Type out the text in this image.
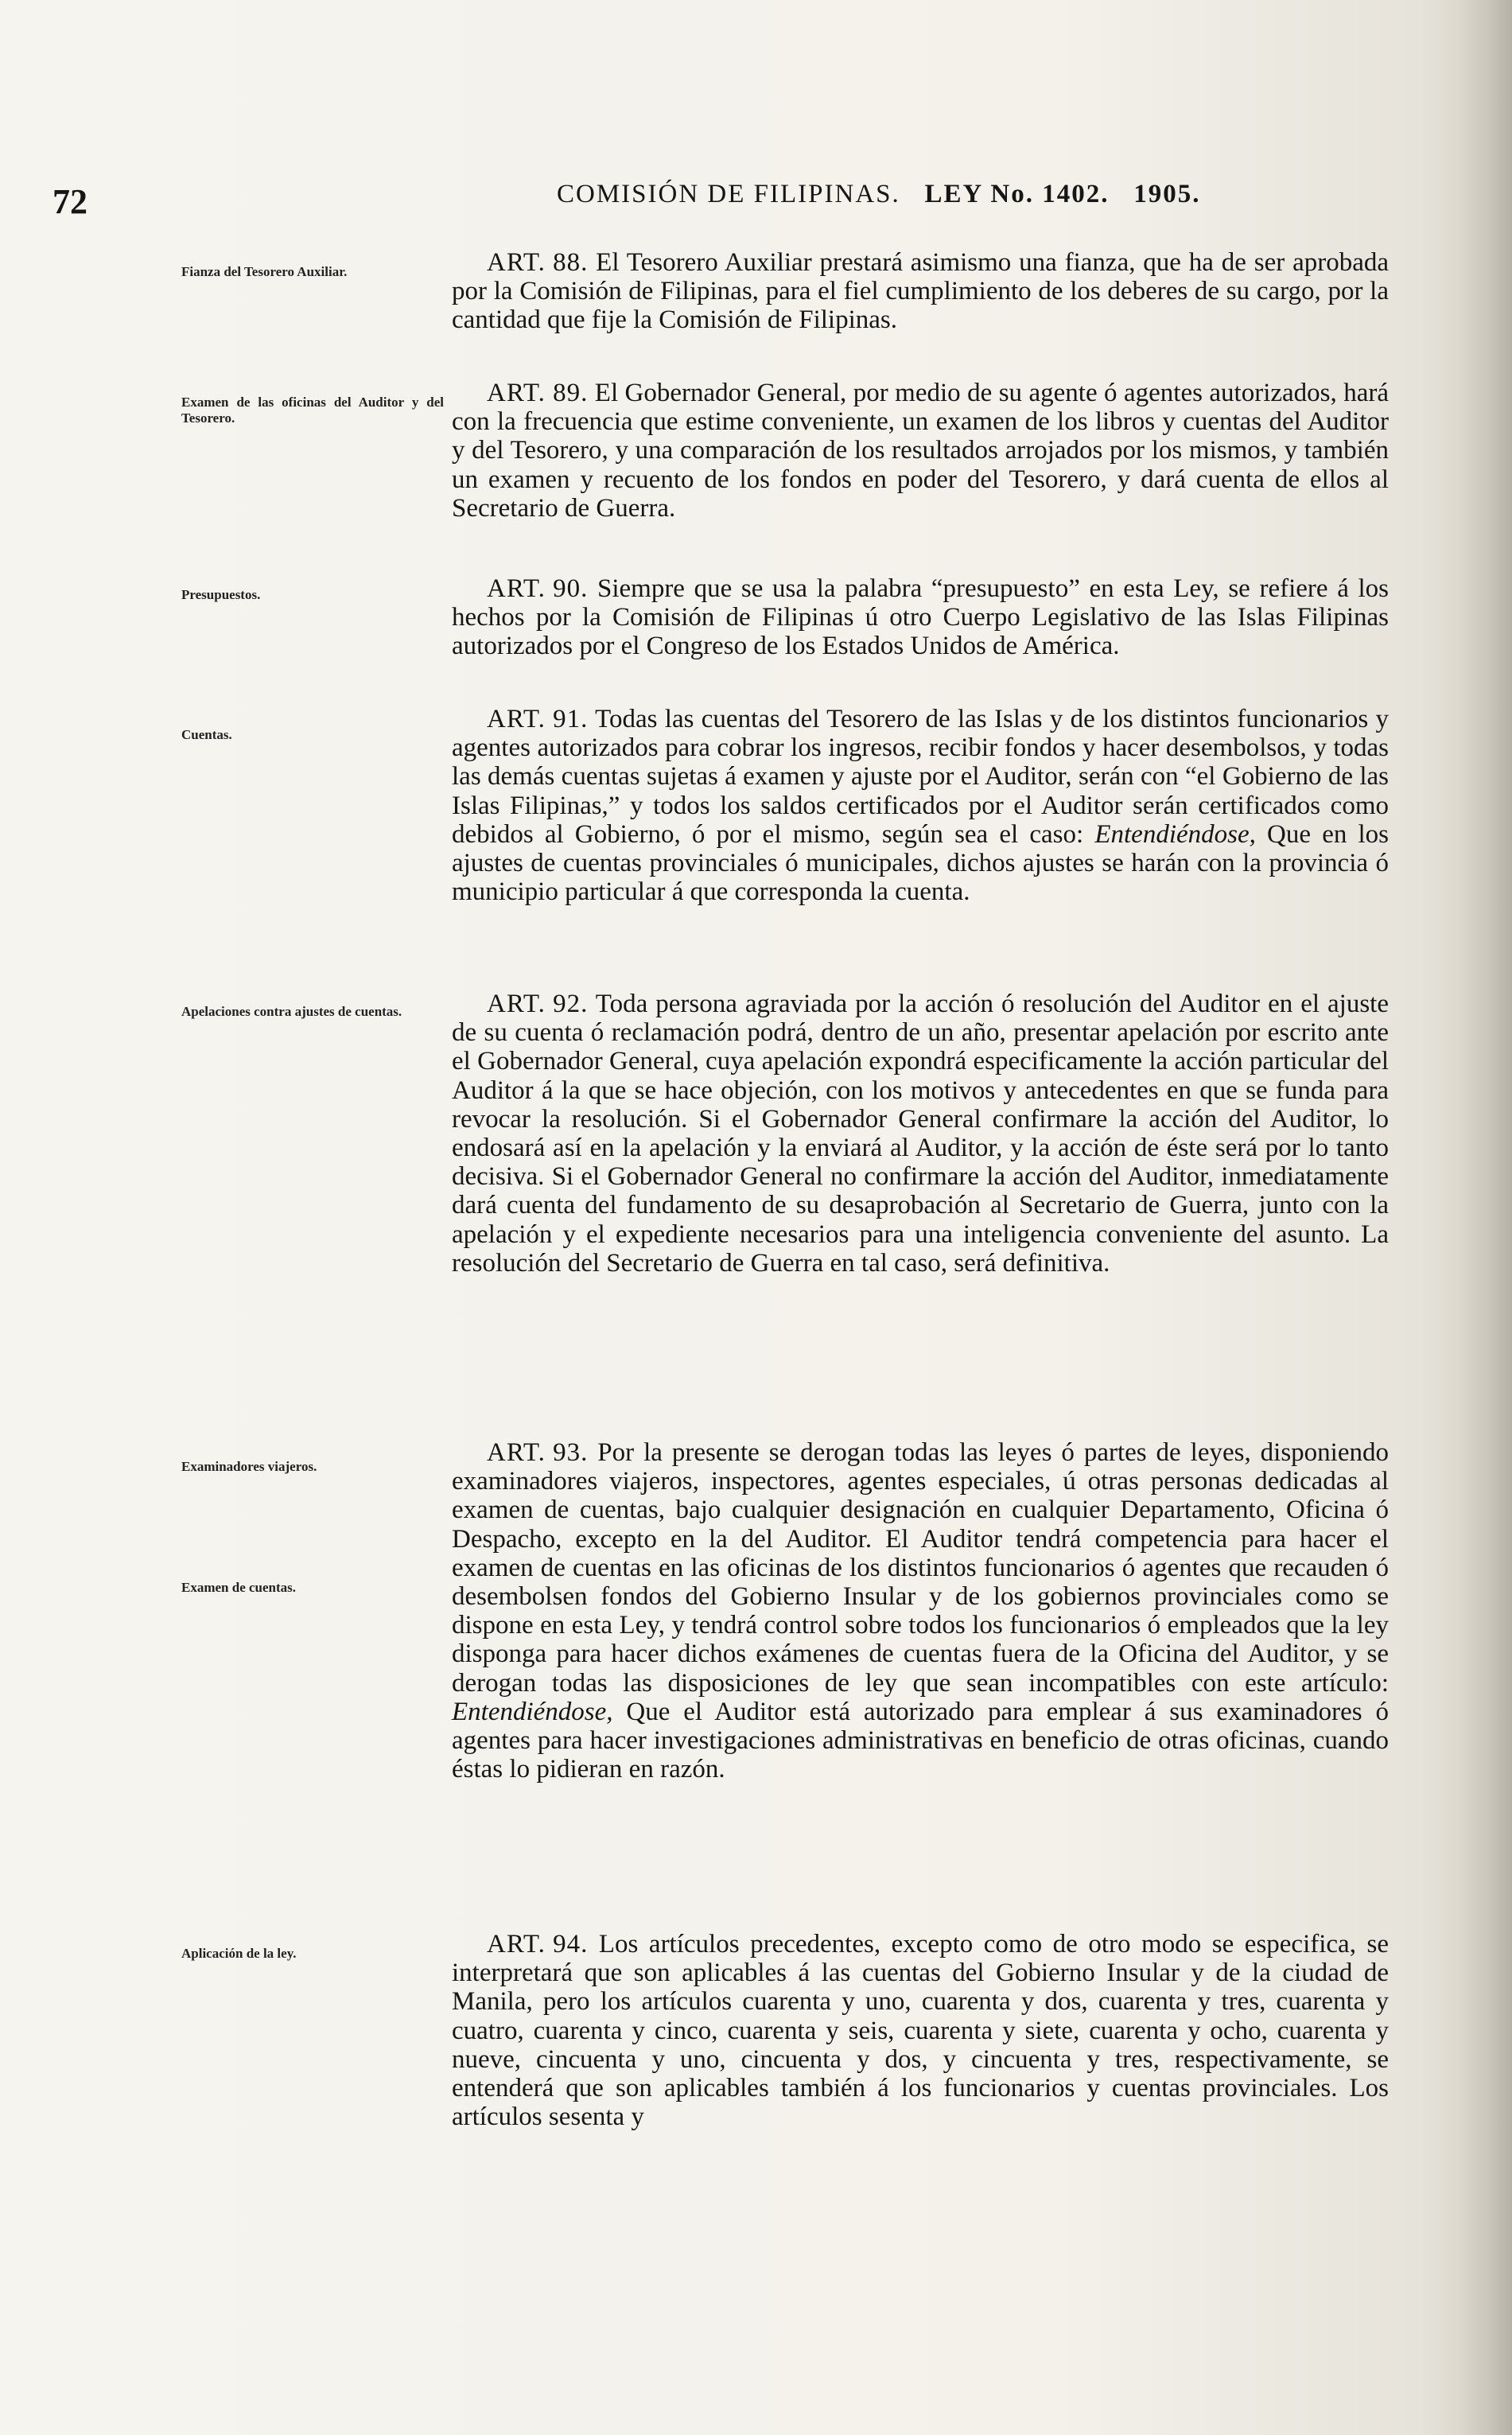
72	COMISIÓN DE FILIPINAS. LEY No. 1402. 1905.
Fianza del Tesorero Auxiliar.
Examen de las oficinas del Auditor y del Tesorero.
Presupuestos.
Cuentas.
Apelaciones contra ajustes de cuentas.
Examinadores viajeros.
Examen de cuentas.
Aplicación de la ley.
ART. 88. El Tesorero Auxiliar prestará asimismo una fianza, que ha de ser aprobada por la Comisión de Filipinas, para el fiel cumplimiento de los deberes de su cargo, por la cantidad que fije la Comisión de Filipinas.
ART. 89. El Gobernador General, por medio de su agente ó agentes autorizados, hará con la frecuencia que estime conveniente, un examen de los libros y cuentas del Auditor y del Tesorero, y una comparación de los resultados arrojados por los mismos, y también un examen y recuento de los fondos en poder del Tesorero, y dará cuenta de ellos al Secretario de Guerra.
ART. 90. Siempre que se usa la palabra “presupuesto” en esta Ley, se refiere á los hechos por la Comisión de Filipinas ú otro Cuerpo Legislativo de las Islas Filipinas autorizados por el Congreso de los Estados Unidos de América.
ART. 91. Todas las cuentas del Tesorero de las Islas y de los distintos funcionarios y agentes autorizados para cobrar los ingresos, recibir fondos y hacer desembolsos, y todas las demás cuentas sujetas á examen y ajuste por el Auditor, serán con “el Gobierno de las Islas Filipinas,” y todos los saldos certificados por el Auditor serán certificados como debidos al Gobierno, ó por el mismo, según sea el caso: Entendiéndose, Que en los ajustes de cuentas provinciales ó municipales, dichos ajustes se harán con la provincia ó municipio particular á que corresponda la cuenta.
ART. 92. Toda persona agraviada por la acción ó resolución del Auditor en el ajuste de su cuenta ó reclamación podrá, dentro de un año, presentar apelación por escrito ante el Gobernador General, cuya apelación expondrá especificamente la acción particular del Auditor á la que se hace objeción, con los motivos y antecedentes en que se funda para revocar la resolución. Si el Gobernador General confirmare la acción del Auditor, lo endosará así en la apelación y la enviará al Auditor, y la acción de éste será por lo tanto decisiva. Si el Gobernador General no confirmare la acción del Auditor, inmediatamente dará cuenta del fundamento de su desaprobación al Secretario de Guerra, junto con la apelación y el expediente necesarios para una inteligencia conveniente del asunto. La resolución del Secretario de Guerra en tal caso, será definitiva.
ART. 93. Por la presente se derogan todas las leyes ó partes de leyes, disponiendo examinadores viajeros, inspectores, agentes especiales, ú otras personas dedicadas al examen de cuentas, bajo cualquier designación en cualquier Departamento, Oficina ó Despacho, excepto en la del Auditor. El Auditor tendrá competencia para hacer el examen de cuentas en las oficinas de los distintos funcionarios ó agentes que recauden ó desembolsen fondos del Gobierno Insular y de los gobiernos provinciales como se dispone en esta Ley, y tendrá control sobre todos los funcionarios ó empleados que la ley disponga para hacer dichos exámenes de cuentas fuera de la Oficina del Auditor, y se derogan todas las disposiciones de ley que sean incompatibles con este artículo: Entendiéndose, Que el Auditor está autorizado para emplear á sus examinadores ó agentes para hacer investigaciones administrativas en beneficio de otras oficinas, cuando éstas lo pidieran en razón.
ART. 94. Los artículos precedentes, excepto como de otro modo se especifica, se interpretará que son aplicables á las cuentas del Gobierno Insular y de la ciudad de Manila, pero los artículos cuarenta y uno, cuarenta y dos, cuarenta y tres, cuarenta y cuatro, cuarenta y cinco, cuarenta y seis, cuarenta y siete, cuarenta y ocho, cuarenta y nueve, cincuenta y uno, cincuenta y dos, y cincuenta y tres, respectivamente, se entenderá que son aplicables también á los funcionarios y cuentas provinciales. Los artículos sesenta y
